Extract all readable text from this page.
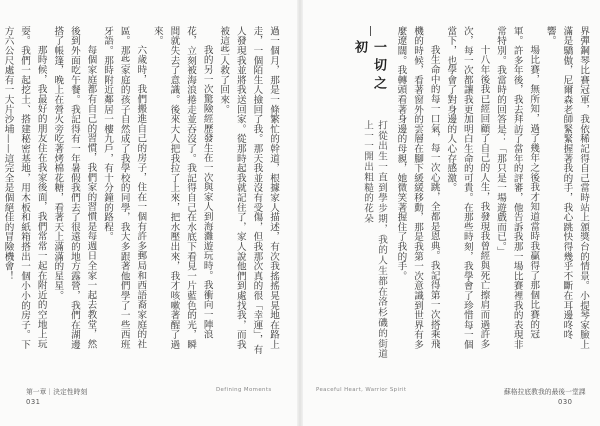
過一個月，那是一條繁忙的幹道，根據家人描述，有次我搖搖晃晃地在路上走，一個陌生人撿回了我。那天我並沒有受傷，但我那次真的很「幸運」，有人發現我並將我送回家。從那時起我就記住了，家人說他們到處找我，而我被這些人救了回來。

我的另一次驚險經歷發生在一次與家人到海灘遊玩時。我衝向一陣浪花，立刻被海浪捲走並吞沒了。我記得自己在水底下看見一片藍色的光，瞬間就失去了意識。後來大人把我拉了上來，把水壓出來，我才咳嗽著醒了過來。

六歲時，我們搬進自己的房子，住在一個有許多郵局和西語裔家庭的社區。那些家庭的孩子自然成了我學校的同學，我大多跟著他們學了一些西班牙語。那時附近鄰居一樓九戶，有十分鐘的路程。

每個家庭都有自己的習慣，我們家的習慣是每週日全家一起去教堂，然後到外面吃午餐。我記得有一年暑假我們去了很遠的地方露營，我們在湖邊搭了帳篷，晚上在營火旁吃著烤棉花糖，看著天上滿滿的星星。

那時候，我最好的朋友住在我家後面，我們常常一起在附近的空地上玩耍。我們一起挖土、搭建秘密基地，用木板和紙箱搭出一個小小的房子。下方六公尺處有一大片沙埔——這完全是個絕佳的冒險機會！

第一章｜決定性時刻
031
Defining Moments

界彈鋼琴比賽冠軍，我依稀記得自己當時站上頒獎台的情景。小提琴家臉上滿是驕傲，尼爾森老師緊緊握著我的手，我心跳快得幾乎不斷在耳邊咚咚響。

場比賽，無所知，過了幾年之後我才知道當時我贏得了那個比賽的冠軍。許多年後，我去拜訪了當年的評審，他告訴我那一場比賽裡我的表現非常特別。我當時的回答是：「那只是一場遊戲而已。」

十八年後我已經回顧了自己的人生，我發現我曾經與死亡擦肩而過許多次，每一次都讓我更加明白生命的可貴。在那些時刻，我學會了珍惜每一個當下，也學會了對身邊的人心存感激。

我生命中的每一口氣，每一次心跳，全都是恩典。我記得第一次搭乘飛機的時候，看著窗外的雲層在腳下緩緩移動，那是我第一次意識到世界有多麼遼闊。我轉頭看著身邊的母親，她微笑著握住了我的手。

一切之初
打從出生一直到學步期，我的人生都在洛杉磯的街道上一一開出粗糙的花朵
Peaceful Heart, Warrior Spirit	蘇格拉底教我的最後一堂課
030
